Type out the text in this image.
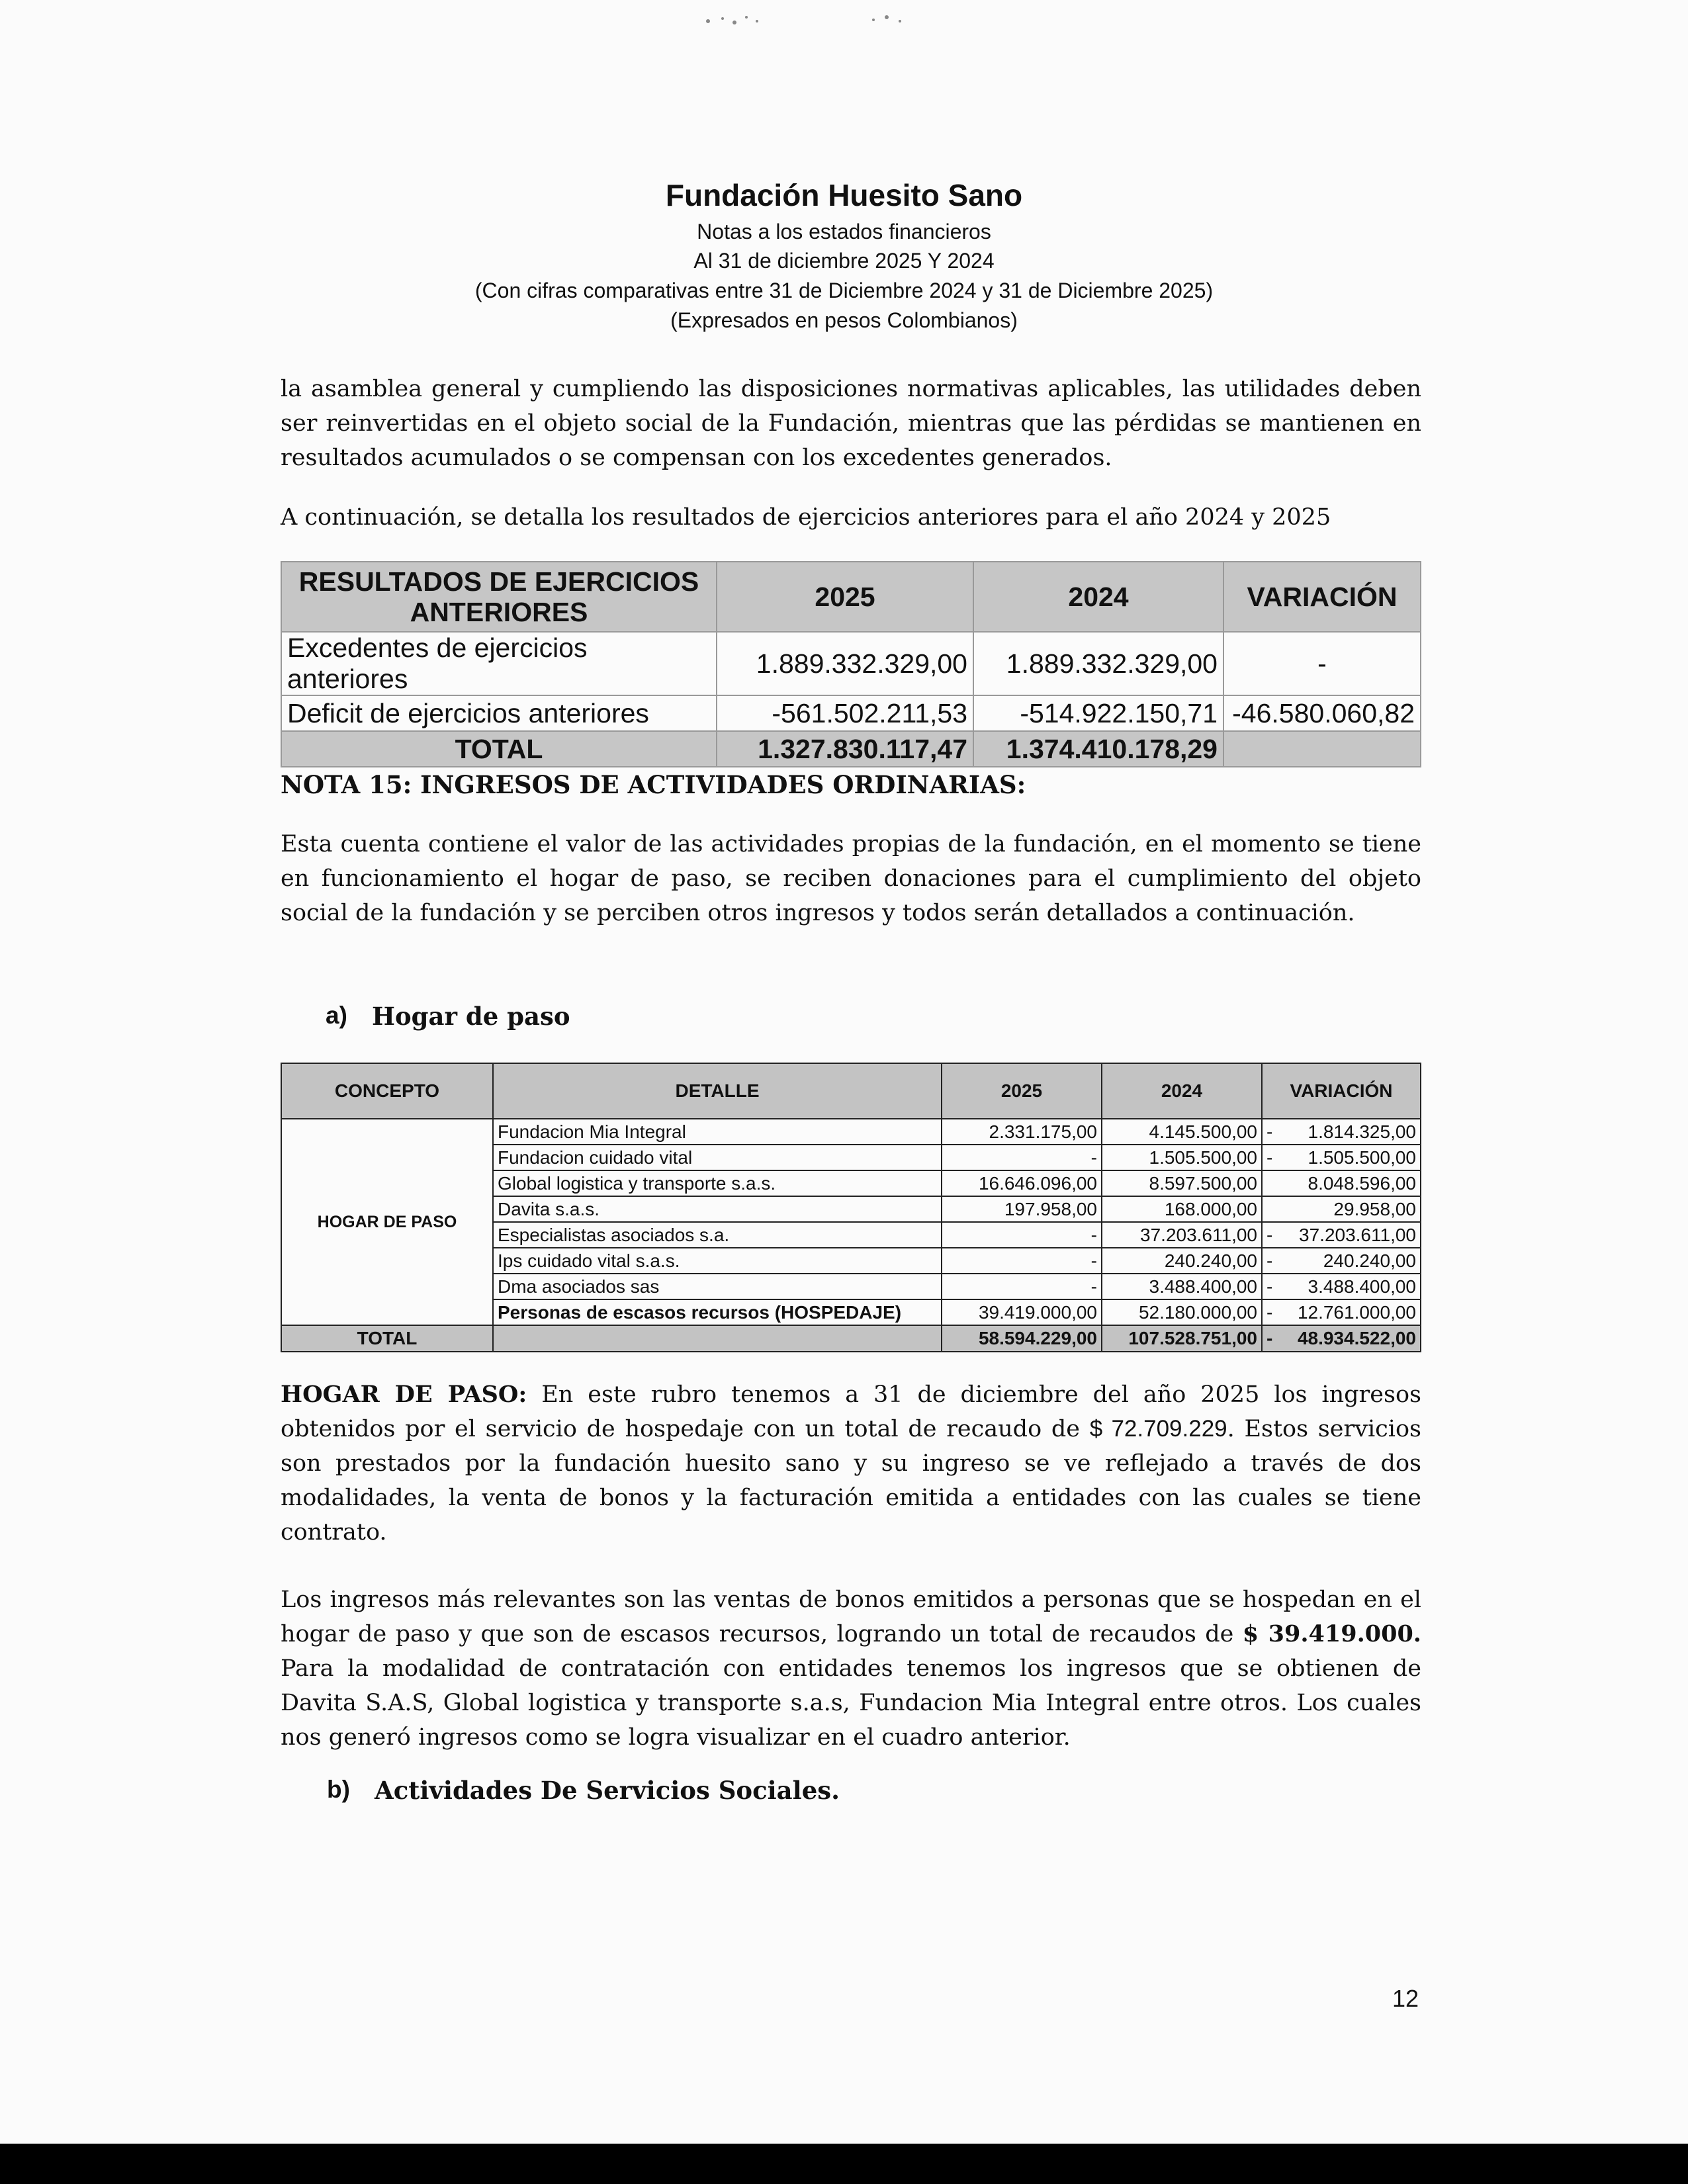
Fundación Huesito Sano
Notas a los estados financieros
Al 31 de diciembre 2025 Y 2024
(Con cifras comparativas entre 31 de Diciembre 2024 y 31 de Diciembre 2025)
(Expresados en pesos Colombianos)

la asamblea general y cumpliendo las disposiciones normativas aplicables, las utilidades deben ser reinvertidas en el objeto social de la Fundación, mientras que las pérdidas se mantienen en resultados acumulados o se compensan con los excedentes generados.

A continuación, se detalla los resultados de ejercicios anteriores para el año 2024 y 2025

RESULTADOS DE EJERCICIOS ANTERIORES	2025	2024	VARIACIÓN
Excedentes de ejercicios anteriores	1.889.332.329,00	1.889.332.329,00	-
Deficit de ejercicios anteriores	-561.502.211,53	-514.922.150,71	-46.580.060,82
TOTAL	1.327.830.117,47	1.374.410.178,29	
NOTA 15: INGRESOS DE ACTIVIDADES ORDINARIAS:

Esta cuenta contiene el valor de las actividades propias de la fundación, en el momento se tiene en funcionamiento el hogar de paso, se reciben donaciones para el cumplimiento del objeto social de la fundación y se perciben otros ingresos y todos serán detallados a continuación.

a) Hogar de paso
CONCEPTO	DETALLE	2025	2024	VARIACIÓN	
HOGAR DE PASO	Fundacion Mia Integral	2.331.175,00	4.145.500,00	-	1.814.325,00
	Fundacion cuidado vital	-	1.505.500,00	-	1.505.500,00
	Global logistica y transporte s.a.s.	16.646.096,00	8.597.500,00		8.048.596,00
	Davita s.a.s.	197.958,00	168.000,00		29.958,00
	Especialistas asociados s.a.	-	37.203.611,00	-	37.203.611,00
	Ips cuidado vital s.a.s.	-	240.240,00	-	240.240,00
	Dma asociados sas	-	3.488.400,00	-	3.488.400,00
	Personas de escasos recursos (HOSPEDAJE)	39.419.000,00	52.180.000,00	-	12.761.000,00
TOTAL		58.594.229,00	107.528.751,00	-	48.934.522,00

HOGAR DE PASO: En este rubro tenemos a 31 de diciembre del año 2025 los ingresos obtenidos por el servicio de hospedaje con un total de recaudo de $ 72.709.229. Estos servicios son prestados por la fundación huesito sano y su ingreso se ve reflejado a través de dos modalidades, la venta de bonos y la facturación emitida a entidades con las cuales se tiene contrato.

Los ingresos más relevantes son las ventas de bonos emitidos a personas que se hospedan en el hogar de paso y que son de escasos recursos, logrando un total de recaudos de $ 39.419.000. Para la modalidad de contratación con entidades tenemos los ingresos que se obtienen de Davita S.A.S, Global logistica y transporte s.a.s, Fundacion Mia Integral entre otros. Los cuales nos generó ingresos como se logra visualizar en el cuadro anterior.

b) Actividades De Servicios Sociales.
12
